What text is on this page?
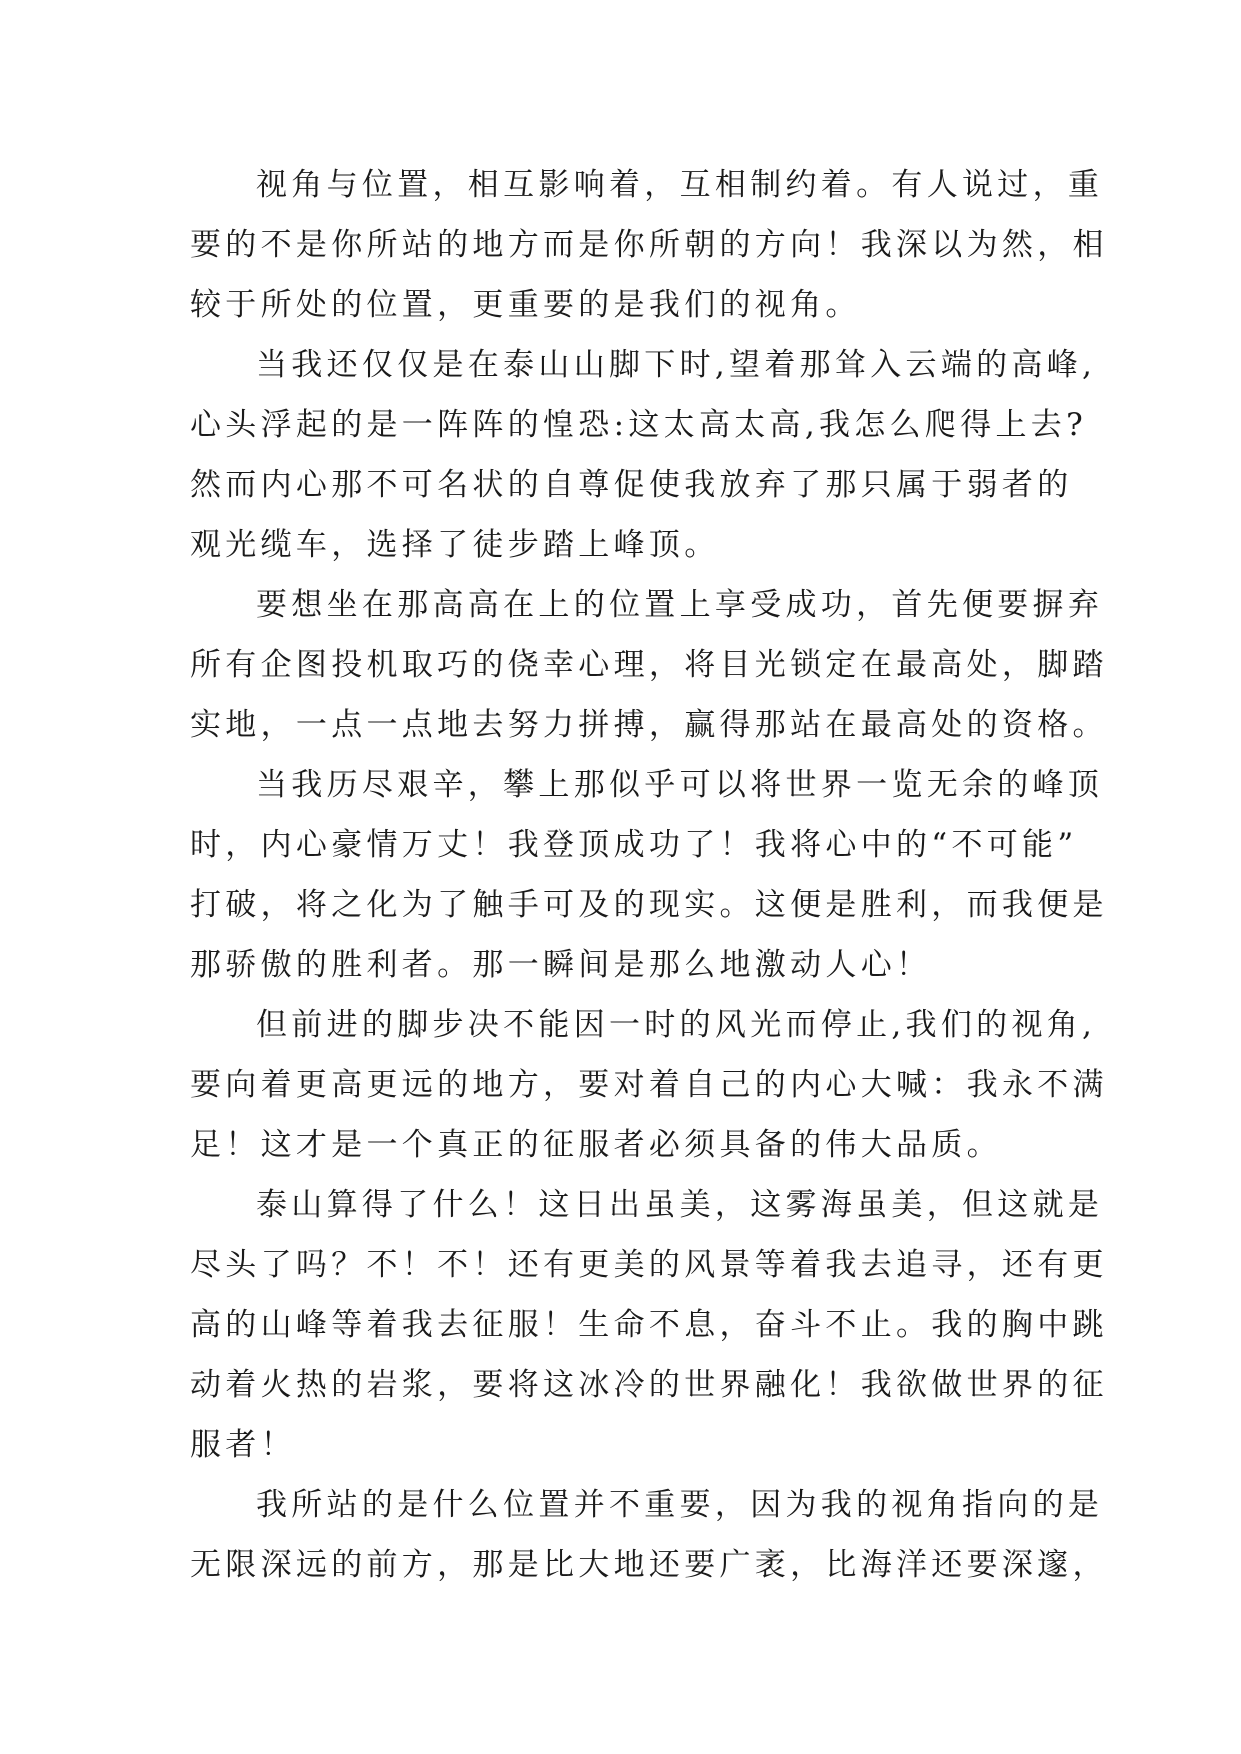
视角与位置，相互影响着，互相制约着。有人说过，重
要的不是你所站的地方而是你所朝的方向！我深以为然，相
较于所处的位置，更重要的是我们的视角。

当我还仅仅是在泰山山脚下时,望着那耸入云端的高峰,
心头浮起的是一阵阵的惶恐:这太高太高,我怎么爬得上去?
然而内心那不可名状的自尊促使我放弃了那只属于弱者的
观光缆车，选择了徒步踏上峰顶。

要想坐在那高高在上的位置上享受成功，首先便要摒弃
所有企图投机取巧的侥幸心理，将目光锁定在最高处，脚踏
实地，一点一点地去努力拼搏，赢得那站在最高处的资格。

当我历尽艰辛，攀上那似乎可以将世界一览无余的峰顶
时，内心豪情万丈！我登顶成功了！我将心中的“不可能”
打破，将之化为了触手可及的现实。这便是胜利，而我便是
那骄傲的胜利者。那一瞬间是那么地激动人心！

但前进的脚步决不能因一时的风光而停止,我们的视角,
要向着更高更远的地方，要对着自己的内心大喊：我永不满
足！这才是一个真正的征服者必须具备的伟大品质。

泰山算得了什么！这日出虽美，这雾海虽美，但这就是
尽头了吗？不！不！还有更美的风景等着我去追寻，还有更
高的山峰等着我去征服！生命不息，奋斗不止。我的胸中跳
动着火热的岩浆，要将这冰冷的世界融化！我欲做世界的征
服者！

我所站的是什么位置并不重要，因为我的视角指向的是
无限深远的前方，那是比大地还要广袤，比海洋还要深邃，
